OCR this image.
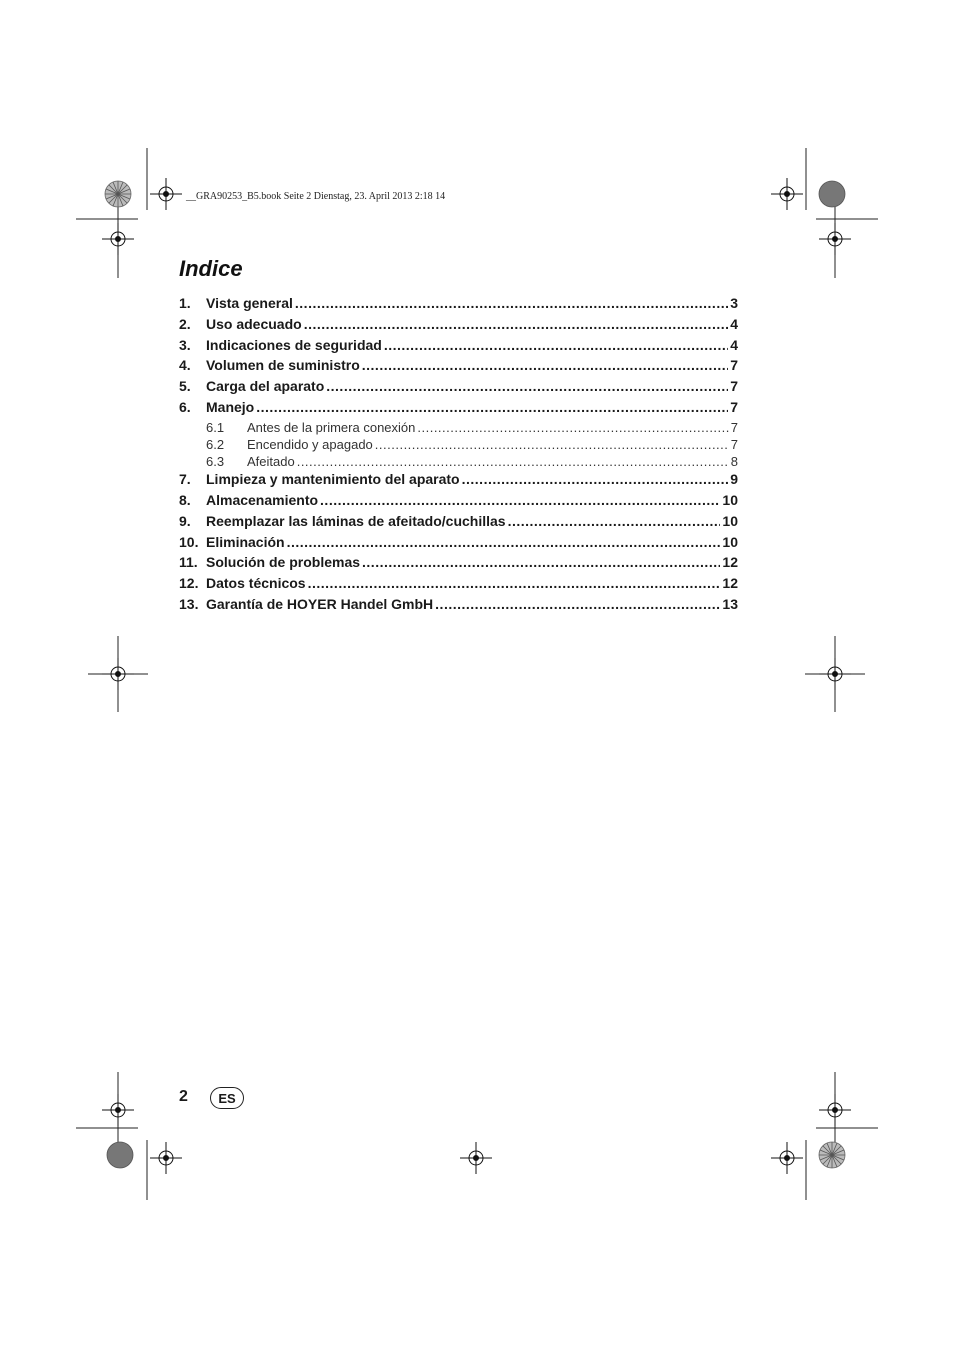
__GRA90253_B5.book Seite 2 Dienstag, 23. April 2013 2:18 14
Indice
1.	Vista general .....	3
2.	Uso adecuado .....	4
3.	Indicaciones de seguridad .....	4
4.	Volumen de suministro .....	7
5.	Carga del aparato .....	7
6.	Manejo .....	7
6.1	Antes de la primera conexión .....	7
6.2	Encendido y apagado .....	7
6.3	Afeitado .....	8
7.	Limpieza y mantenimiento del aparato .....	9
8.	Almacenamiento .....	10
9.	Reemplazar las láminas de afeitado/cuchillas .....	10
10. Eliminación .....	10
11. Solución de problemas .....	12
12. Datos técnicos .....	12
13. Garantía de HOYER Handel GmbH .....	13
2	ES
